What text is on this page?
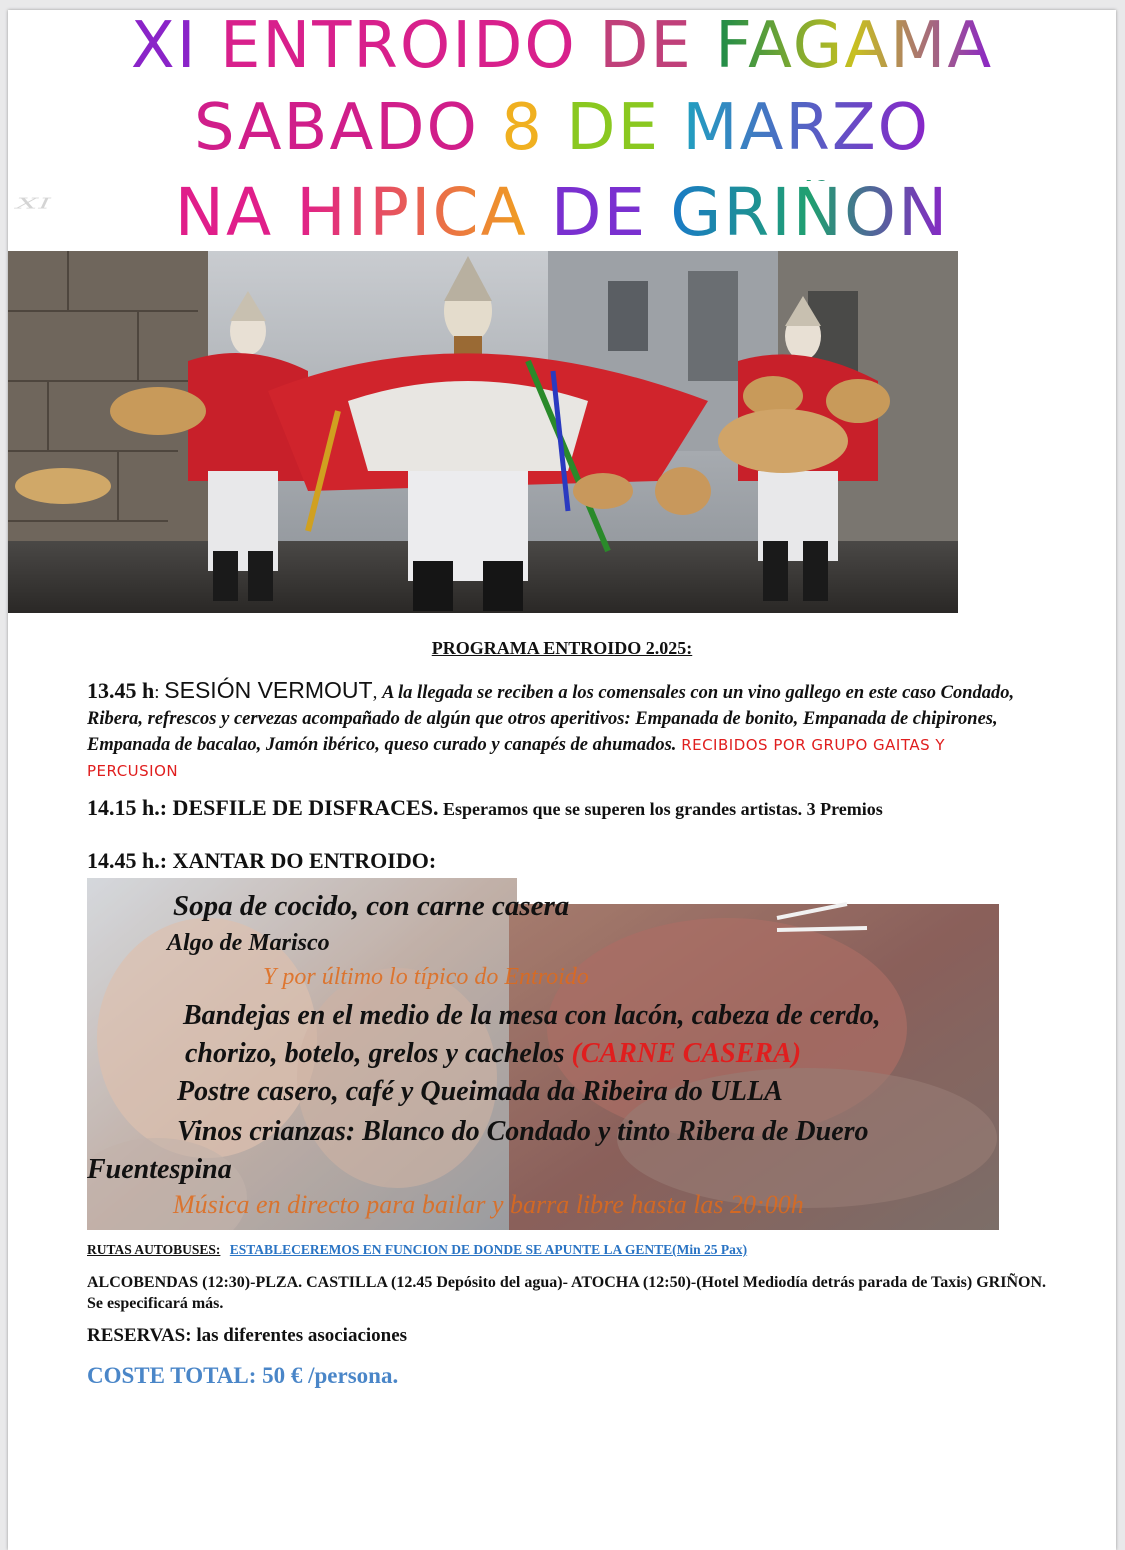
XI
XI ENTROIDO DE FAGAMA
SABADO 8 DE MARZO
NA HIPICA DE GRIÑON
PROGRAMA ENTROIDO 2.025:
13.45 h: SESIÓN VERMOUT, A la llegada se reciben a los comensales con un vino gallego en este caso Condado, Ribera, refrescos y cervezas acompañado de algún que otros aperitivos: Empanada de bonito, Empanada de chipirones, Empanada de bacalao, Jamón ibérico, queso curado y canapés de ahumados. RECIBIDOS POR GRUPO GAITAS Y PERCUSION
14.15 h.: DESFILE DE DISFRACES. Esperamos que se superen los grandes artistas. 3 Premios
14.45 h.: XANTAR DO ENTROIDO:
Sopa de cocido, con carne casera
Algo de Marisco
Y por último lo típico do Entroido
Bandejas en el medio de la mesa con lacón, cabeza de cerdo,
chorizo, botelo, grelos y cachelos (CARNE CASERA)
Postre casero, café y Queimada da Ribeira do ULLA
Vinos crianzas: Blanco do Condado y tinto Ribera de Duero
Fuentespina
Música en directo para bailar y barra libre hasta las 20:00h
RUTAS AUTOBUSES: ESTABLECEREMOS EN FUNCION DE DONDE SE APUNTE LA GENTE(Min 25 Pax)
ALCOBENDAS (12:30)-PLZA. CASTILLA (12.45 Depósito del agua)- ATOCHA (12:50)-(Hotel Mediodía detrás parada de Taxis) GRIÑON. Se especificará más.
RESERVAS: las diferentes asociaciones
COSTE TOTAL: 50 € /persona.
